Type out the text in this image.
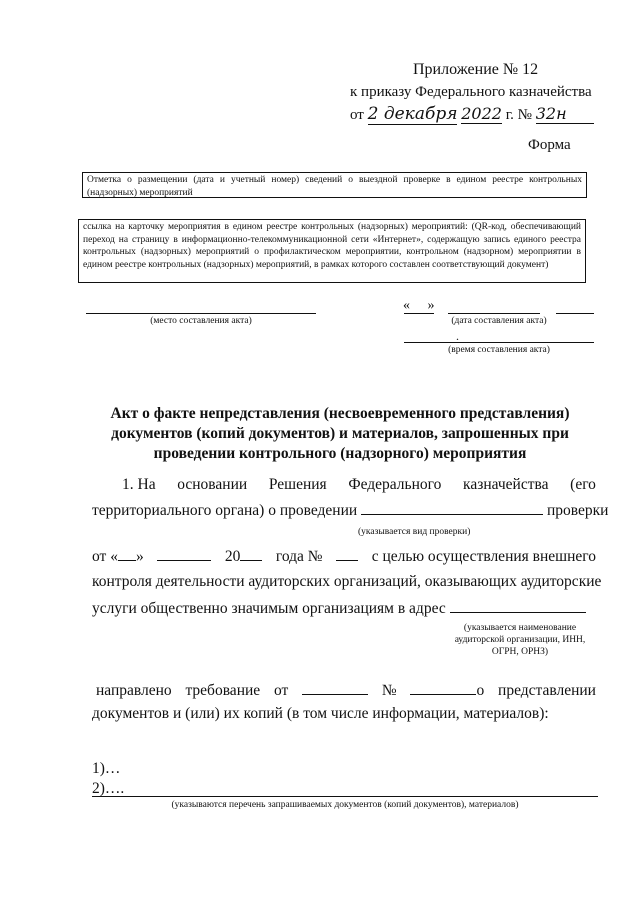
Приложение № 12
к приказу Федерального казначейства
от 2 декабря 2022 г. № 32н
Форма
Отметка о размещении (дата и учетный номер) сведений о выездной проверке в едином реестре контрольных (надзорных) мероприятий
ссылка на карточку мероприятия в едином реестре контрольных (надзорных) мероприятий: (QR-код, обеспечивающий переход на страницу в информационно-телекоммуникационной сети «Интернет», содержащую запись единого реестра контрольных (надзорных) мероприятий о профилактическом мероприятии, контрольном (надзорном) мероприятии в едином реестре контрольных (надзорных) мероприятий, в рамках которого составлен соответствующий документ)
(место составления акта)
«     »
(дата составления акта)
.
(время составления акта)
Акт о факте непредставления (несвоевременного представления) документов (копий документов) и материалов, запрошенных при проведении контрольного (надзорного) мероприятия
1. На основании Решения Федерального казначейства (его
территориального органа) о проведении	проверки
(указывается вид проверки)
от « »	20	года №	с целью осуществления внешнего
контроля деятельности аудиторских организаций, оказывающих аудиторские
услуги общественно значимым организациям в адрес
(указывается наименование
аудиторской организации, ИНН,
ОГРН, ОРНЗ)
направлено требование от	№	о представлении
документов и (или) их копий (в том числе информации, материалов):
1)…
2)….
(указываются перечень запрашиваемых документов (копий документов), материалов)
